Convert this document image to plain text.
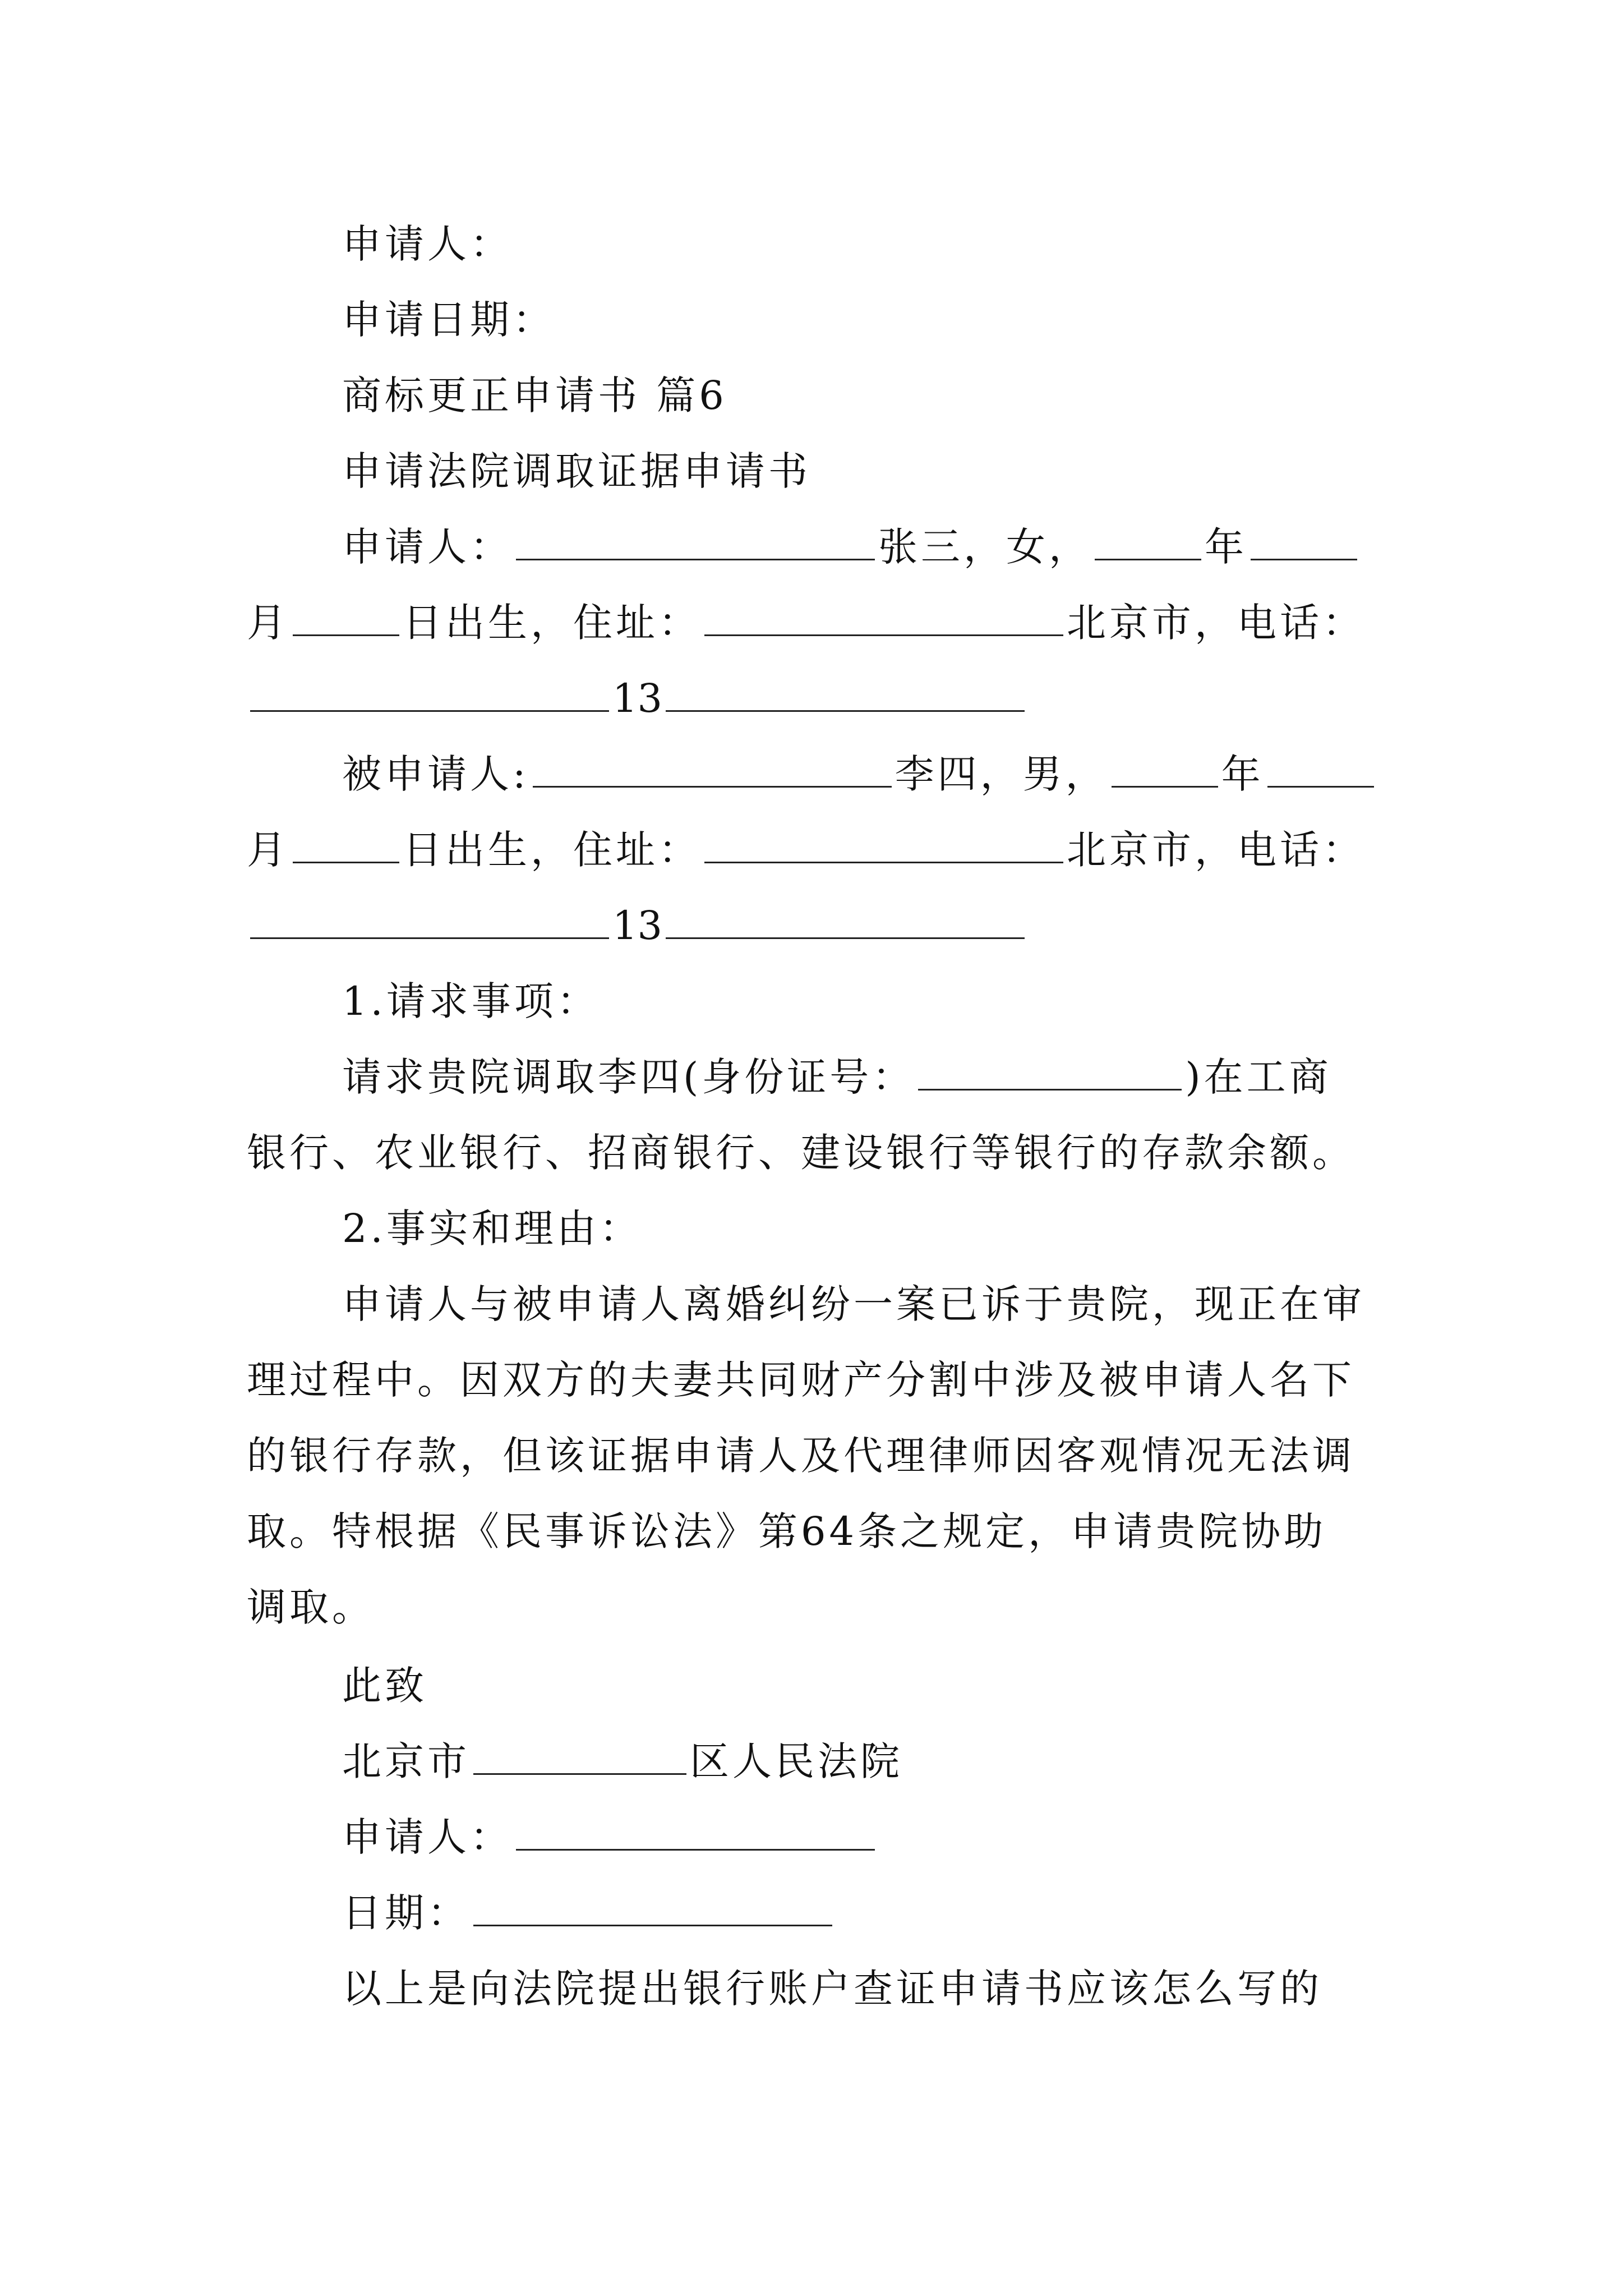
申请人：
申请日期：
商标更正申请书 篇6
申请法院调取证据申请书
申请人：	张三，女，	年
月	日出生，住址：	北京市，电话：
13
被申请人:	李四，男，	年
月	日出生，住址：	北京市，电话：
13
1.请求事项：
请求贵院调取李四(身份证号：	)在工商
银行、农业银行、招商银行、建设银行等银行的存款余额。
2.事实和理由：
申请人与被申请人离婚纠纷一案已诉于贵院，现正在审
理过程中。因双方的夫妻共同财产分割中涉及被申请人名下
的银行存款，但该证据申请人及代理律师因客观情况无法调
取。特根据《民事诉讼法》第64条之规定，申请贵院协助
调取。
此致
北京市	区人民法院
申请人：
日期：
以上是向法院提出银行账户查证申请书应该怎么写的
